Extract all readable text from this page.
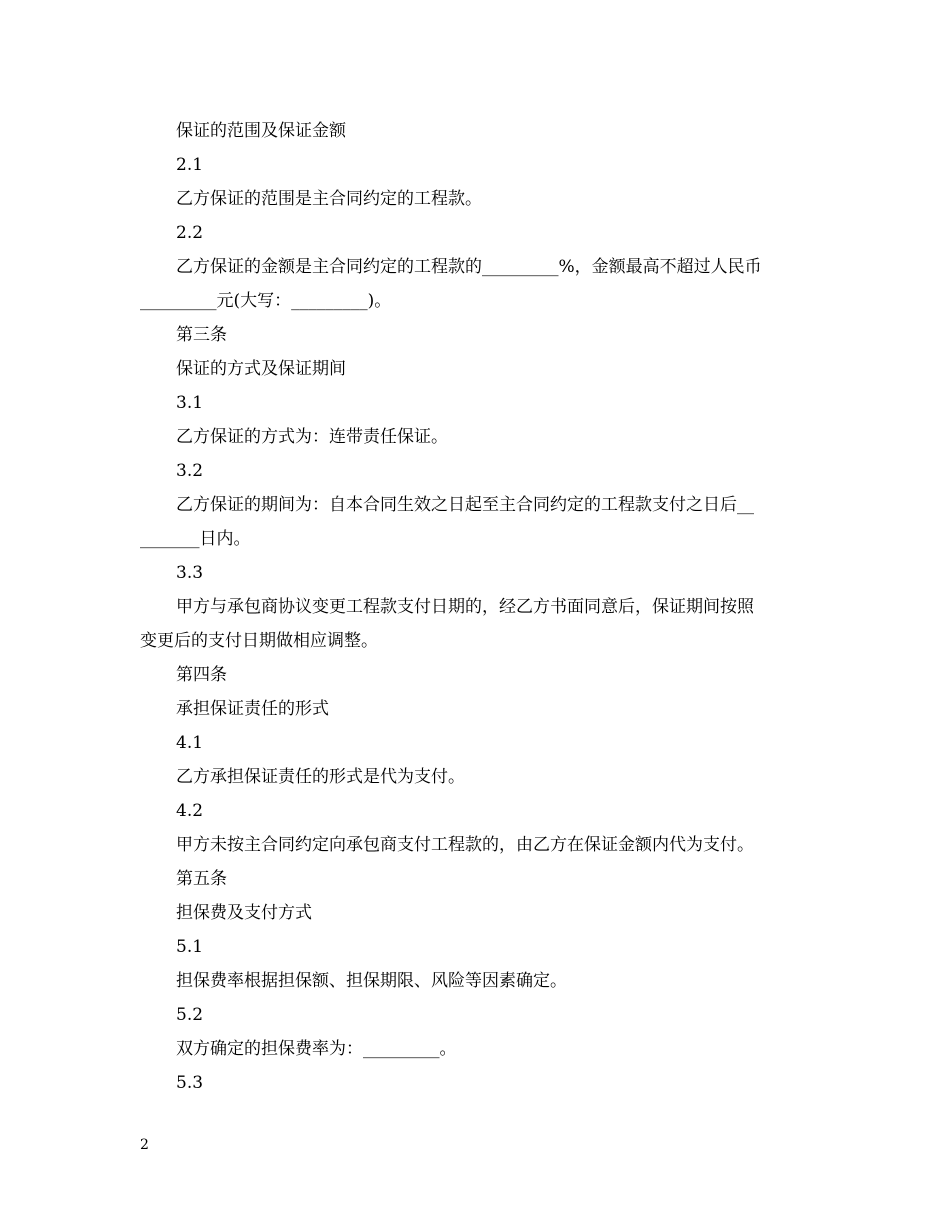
保证的范围及保证金额
2.1
乙方保证的范围是主合同约定的工程款。
2.2
乙方保证的金额是主合同约定的工程款的_________%，金额最高不超过人民币
_________元(大写：_________)。
第三条
保证的方式及保证期间
3.1
乙方保证的方式为：连带责任保证。
3.2
乙方保证的期间为：自本合同生效之日起至主合同约定的工程款支付之日后__
_______日内。
3.3
甲方与承包商协议变更工程款支付日期的，经乙方书面同意后，保证期间按照
变更后的支付日期做相应调整。
第四条
承担保证责任的形式
4.1
乙方承担保证责任的形式是代为支付。
4.2
甲方未按主合同约定向承包商支付工程款的，由乙方在保证金额内代为支付。
第五条
担保费及支付方式
5.1
担保费率根据担保额、担保期限、风险等因素确定。
5.2
双方确定的担保费率为：_________。
5.3
2
